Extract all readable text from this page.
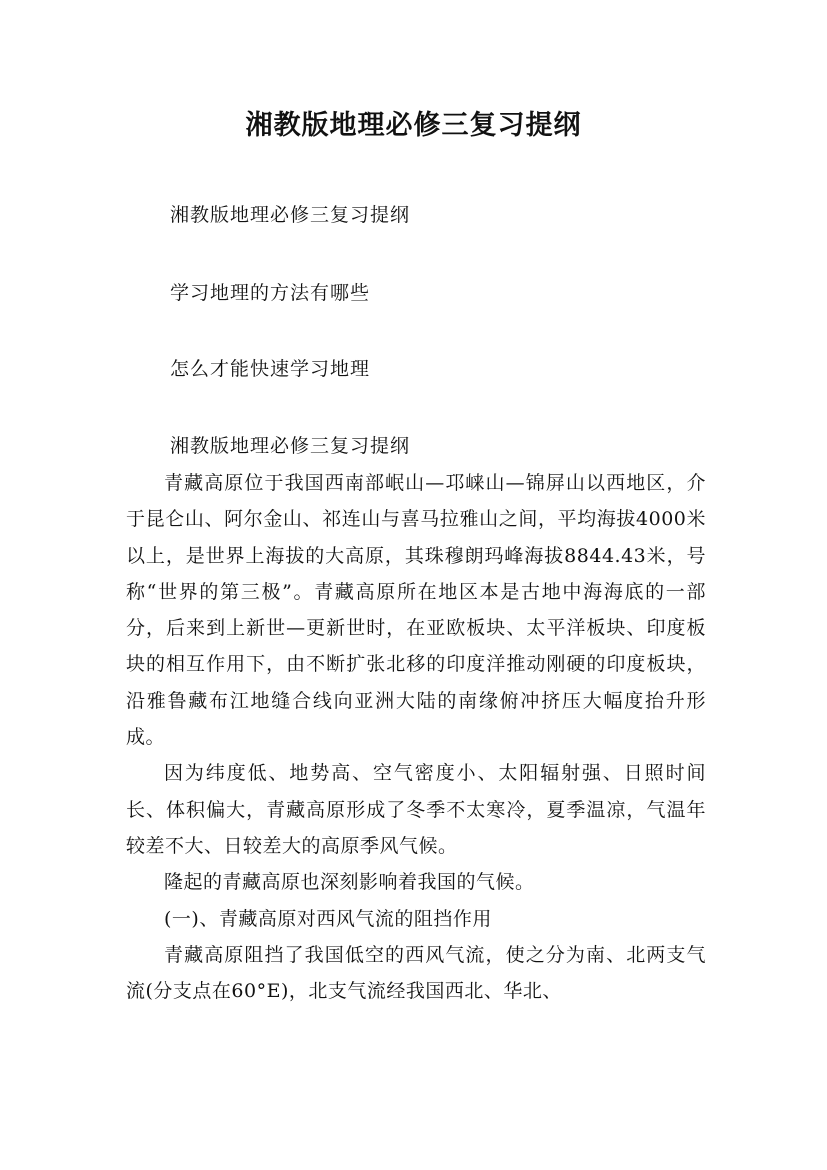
湘教版地理必修三复习提纲
湘教版地理必修三复习提纲
学习地理的方法有哪些
怎么才能快速学习地理
湘教版地理必修三复习提纲

青藏高原位于我国西南部岷山—邛崃山—锦屏山以西地区，介于昆仑山、阿尔金山、祁连山与喜马拉雅山之间，平均海拔4000米以上，是世界上海拔的大高原，其珠穆朗玛峰海拔8844.43米，号称“世界的第三极”。青藏高原所在地区本是古地中海海底的一部分，后来到上新世—更新世时，在亚欧板块、太平洋板块、印度板块的相互作用下，由不断扩张北移的印度洋推动刚硬的印度板块，沿雅鲁藏布江地缝合线向亚洲大陆的南缘俯冲挤压大幅度抬升形成。

因为纬度低、地势高、空气密度小、太阳辐射强、日照时间长、体积偏大，青藏高原形成了冬季不太寒冷，夏季温凉，气温年较差不大、日较差大的高原季风气候。

隆起的青藏高原也深刻影响着我国的气候。

(一)、青藏高原对西风气流的阻挡作用

青藏高原阻挡了我国低空的西风气流，使之分为南、北两支气流(分支点在60°E)，北支气流经我国西北、华北、
